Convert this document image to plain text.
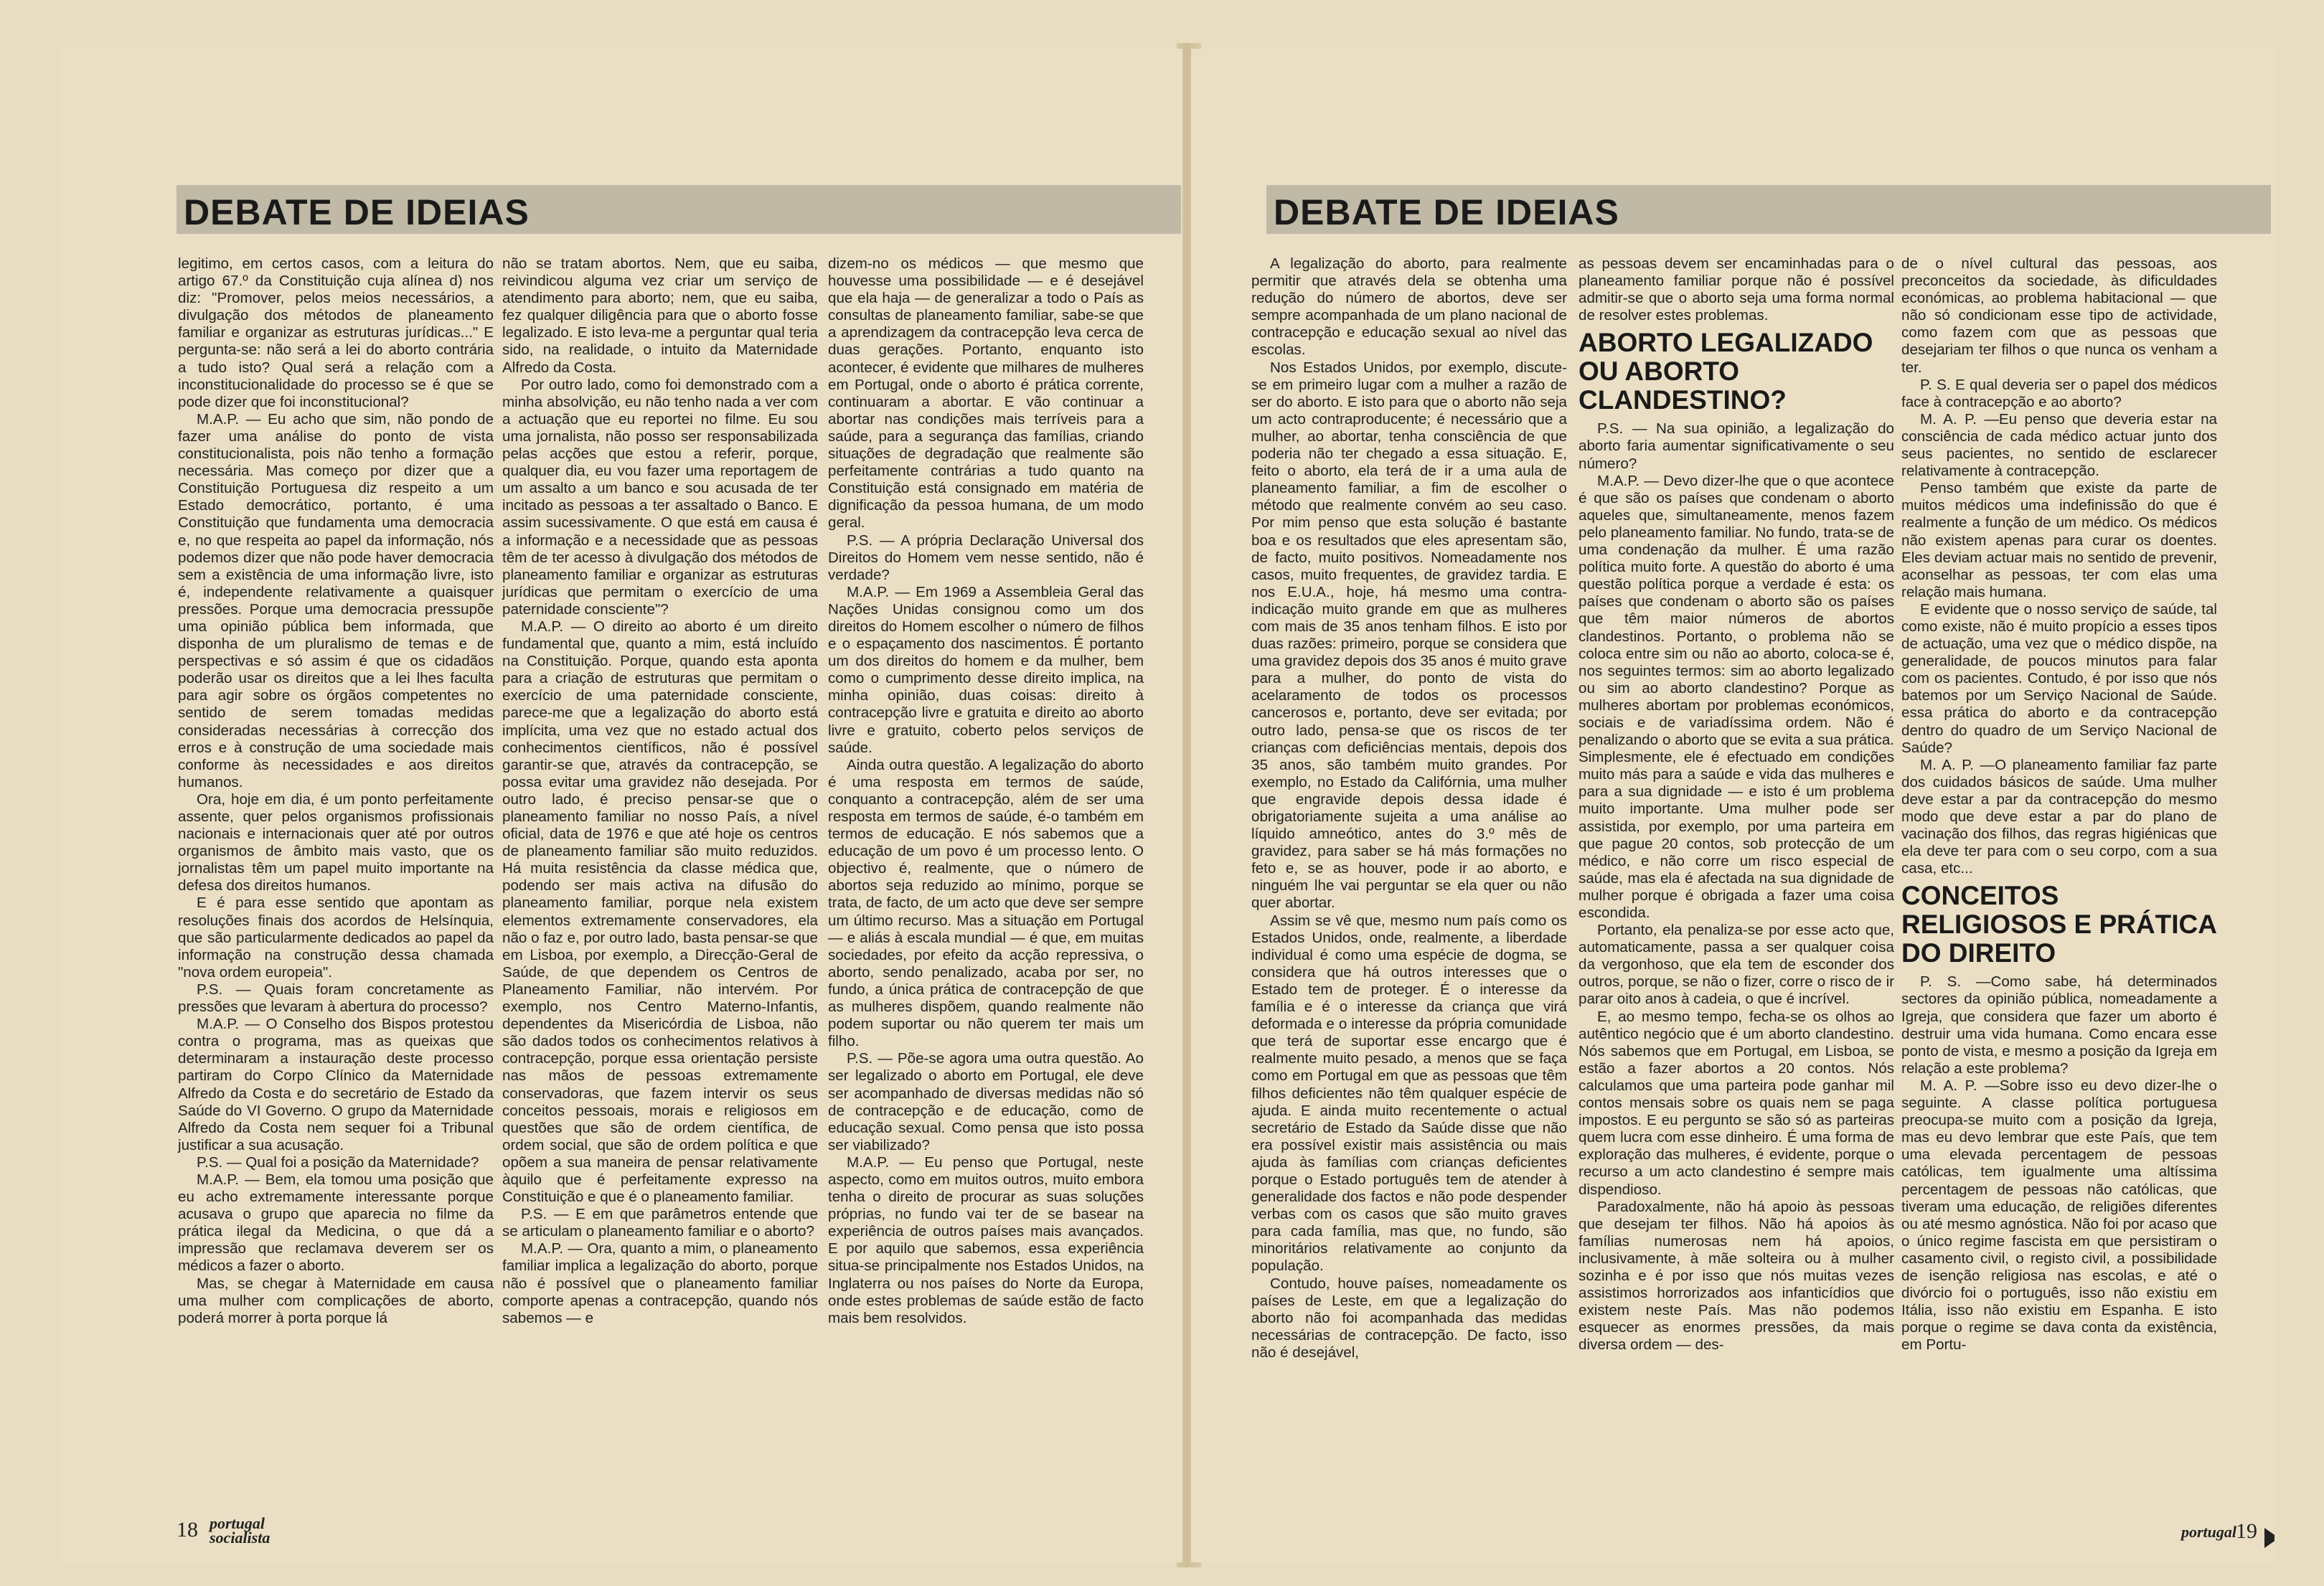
DEBATE DE IDEIAS

legitimo, em certos casos, com a leitura do artigo 67.º da Constituição cuja alínea d) nos diz: "Promover, pelos meios necessários, a divulgação dos métodos de planeamento familiar e organizar as estruturas jurídicas..." E pergunta-se: não será a lei do aborto contrária a tudo isto? Qual será a relação com a inconstitucionalidade do processo se é que se pode dizer que foi inconstitucional?

M.A.P. — Eu acho que sim, não pondo de fazer uma análise do ponto de vista constitucionalista, pois não tenho a formação necessária. Mas começo por dizer que a Constituição Portuguesa diz respeito a um Estado democrático, portanto, é uma Constituição que fundamenta uma democracia e, no que respeita ao papel da informação, nós podemos dizer que não pode haver democracia sem a existência de uma informação livre, isto é, independente relativamente a quaisquer pressões. Porque uma democracia pressupõe uma opinião pública bem informada, que disponha de um pluralismo de temas e de perspectivas e só assim é que os cidadãos poderão usar os direitos que a lei lhes faculta para agir sobre os órgãos competentes no sentido de serem tomadas medidas consideradas necessárias à correcção dos erros e à construção de uma sociedade mais conforme às necessidades e aos direitos humanos.

Ora, hoje em dia, é um ponto perfeitamente assente, quer pelos organismos profissionais nacionais e internacionais quer até por outros organismos de âmbito mais vasto, que os jornalistas têm um papel muito importante na defesa dos direitos humanos.

E é para esse sentido que apontam as resoluções finais dos acordos de Helsínquia, que são particularmente dedicados ao papel da informação na construção dessa chamada "nova ordem europeia".

P.S. — Quais foram concretamente as pressões que levaram à abertura do processo?

M.A.P. — O Conselho dos Bispos protestou contra o programa, mas as queixas que determinaram a instauração deste processo partiram do Corpo Clínico da Maternidade Alfredo da Costa e do secretário de Estado da Saúde do VI Governo. O grupo da Maternidade Alfredo da Costa nem sequer foi a Tribunal justificar a sua acusação.

P.S. — Qual foi a posição da Maternidade?

M.A.P. — Bem, ela tomou uma posição que eu acho extremamente interessante porque acusava o grupo que aparecia no filme da prática ilegal da Medicina, o que dá a impressão que reclamava deverem ser os médicos a fazer o aborto.

Mas, se chegar à Maternidade em causa uma mulher com complicações de aborto, poderá morrer à porta porque lá

não se tratam abortos. Nem, que eu saiba, reivindicou alguma vez criar um serviço de atendimento para aborto; nem, que eu saiba, fez qualquer diligência para que o aborto fosse legalizado. E isto leva-me a perguntar qual teria sido, na realidade, o intuito da Maternidade Alfredo da Costa.

Por outro lado, como foi demonstrado com a minha absolvição, eu não tenho nada a ver com a actuação que eu reportei no filme. Eu sou uma jornalista, não posso ser responsabilizada pelas acções que estou a referir, porque, qualquer dia, eu vou fazer uma reportagem de um assalto a um banco e sou acusada de ter incitado as pessoas a ter assaltado o Banco. E assim sucessivamente. O que está em causa é a informação e a necessidade que as pessoas têm de ter acesso à divulgação dos métodos de planeamento familiar e organizar as estruturas jurídicas que permitam o exercício de uma paternidade consciente"?

M.A.P. — O direito ao aborto é um direito fundamental que, quanto a mim, está incluído na Constituição. Porque, quando esta aponta para a criação de estruturas que permitam o exercício de uma paternidade consciente, parece-me que a legalização do aborto está implícita, uma vez que no estado actual dos conhecimentos científicos, não é possível garantir-se que, através da contracepção, se possa evitar uma gravidez não desejada. Por outro lado, é preciso pensar-se que o planeamento familiar no nosso País, a nível oficial, data de 1976 e que até hoje os centros de planeamento familiar são muito reduzidos. Há muita resistência da classe médica que, podendo ser mais activa na difusão do planeamento familiar, porque nela existem elementos extremamente conservadores, ela não o faz e, por outro lado, basta pensar-se que em Lisboa, por exemplo, a Direcção-Geral de Saúde, de que dependem os Centros de Planeamento Familiar, não intervém. Por exemplo, nos Centro Materno-Infantis, dependentes da Misericórdia de Lisboa, não são dados todos os conhecimentos relativos à contracepção, porque essa orientação persiste nas mãos de pessoas extremamente conservadoras, que fazem intervir os seus conceitos pessoais, morais e religiosos em questões que são de ordem científica, de ordem social, que são de ordem política e que opõem a sua maneira de pensar relativamente àquilo que é perfeitamente expresso na Constituição e que é o planeamento familiar.

P.S. — E em que parâmetros entende que se articulam o planeamento familiar e o aborto?

M.A.P. — Ora, quanto a mim, o planeamento familiar implica a legalização do aborto, porque não é possível que o planeamento familiar comporte apenas a contracepção, quando nós sabemos — e

dizem-no os médicos — que mesmo que houvesse uma possibilidade — e é desejável que ela haja — de generalizar a todo o País as consultas de planeamento familiar, sabe-se que a aprendizagem da contracepção leva cerca de duas gerações. Portanto, enquanto isto acontecer, é evidente que milhares de mulheres em Portugal, onde o aborto é prática corrente, continuaram a abortar. E vão continuar a abortar nas condições mais terríveis para a saúde, para a segurança das famílias, criando situações de degradação que realmente são perfeitamente contrárias a tudo quanto na Constituição está consignado em matéria de dignificação da pessoa humana, de um modo geral.

P.S. — A própria Declaração Universal dos Direitos do Homem vem nesse sentido, não é verdade?

M.A.P. — Em 1969 a Assembleia Geral das Nações Unidas consignou como um dos direitos do Homem escolher o número de filhos e o espaçamento dos nascimentos. É portanto um dos direitos do homem e da mulher, bem como o cumprimento desse direito implica, na minha opinião, duas coisas: direito à contracepção livre e gratuita e direito ao aborto livre e gratuito, coberto pelos serviços de saúde.

Ainda outra questão. A legalização do aborto é uma resposta em termos de saúde, conquanto a contracepção, além de ser uma resposta em termos de saúde, é-o também em termos de educação. E nós sabemos que a educação de um povo é um processo lento. O objectivo é, realmente, que o número de abortos seja reduzido ao mínimo, porque se trata, de facto, de um acto que deve ser sempre um último recurso. Mas a situação em Portugal — e aliás à escala mundial — é que, em muitas sociedades, por efeito da acção repressiva, o aborto, sendo penalizado, acaba por ser, no fundo, a única prática de contracepção de que as mulheres dispõem, quando realmente não podem suportar ou não querem ter mais um filho.

P.S. — Põe-se agora uma outra questão. Ao ser legalizado o aborto em Portugal, ele deve ser acompanhado de diversas medidas não só de contracepção e de educação, como de educação sexual. Como pensa que isto possa ser viabilizado?

M.A.P. — Eu penso que Portugal, neste aspecto, como em muitos outros, muito embora tenha o direito de procurar as suas soluções próprias, no fundo vai ter de se basear na experiência de outros países mais avançados. E por aquilo que sabemos, essa experiência situa-se principalmente nos Estados Unidos, na Inglaterra ou nos países do Norte da Europa, onde estes problemas de saúde estão de facto mais bem resolvidos.

18 portugal
socialista
DEBATE DE IDEIAS

A legalização do aborto, para realmente permitir que através dela se obtenha uma redução do número de abortos, deve ser sempre acompanhada de um plano nacional de contracepção e educação sexual ao nível das escolas.

Nos Estados Unidos, por exemplo, discute-se em primeiro lugar com a mulher a razão de ser do aborto. E isto para que o aborto não seja um acto contraproducente; é necessário que a mulher, ao abortar, tenha consciência de que poderia não ter chegado a essa situação. E, feito o aborto, ela terá de ir a uma aula de planeamento familiar, a fim de escolher o método que realmente convém ao seu caso. Por mim penso que esta solução é bastante boa e os resultados que eles apresentam são, de facto, muito positivos. Nomeadamente nos casos, muito frequentes, de gravidez tardia. E nos E.U.A., hoje, há mesmo uma contra-indicação muito grande em que as mulheres com mais de 35 anos tenham filhos. E isto por duas razões: primeiro, porque se considera que uma gravidez depois dos 35 anos é muito grave para a mulher, do ponto de vista do acelaramento de todos os processos cancerosos e, portanto, deve ser evitada; por outro lado, pensa-se que os riscos de ter crianças com deficiências mentais, depois dos 35 anos, são também muito grandes. Por exemplo, no Estado da Califórnia, uma mulher que engravide depois dessa idade é obrigatoriamente sujeita a uma análise ao líquido amneótico, antes do 3.º mês de gravidez, para saber se há más formações no feto e, se as houver, pode ir ao aborto, e ninguém lhe vai perguntar se ela quer ou não quer abortar.

Assim se vê que, mesmo num país como os Estados Unidos, onde, realmente, a liberdade individual é como uma espécie de dogma, se considera que há outros interesses que o Estado tem de proteger. É o interesse da família e é o interesse da criança que virá deformada e o interesse da própria comunidade que terá de suportar esse encargo que é realmente muito pesado, a menos que se faça como em Portugal em que as pessoas que têm filhos deficientes não têm qualquer espécie de ajuda. E ainda muito recentemente o actual secretário de Estado da Saúde disse que não era possível existir mais assistência ou mais ajuda às famílias com crianças deficientes porque o Estado português tem de atender à generalidade dos factos e não pode despender verbas com os casos que são muito graves para cada família, mas que, no fundo, são minoritários relativamente ao conjunto da população.

Contudo, houve países, nomeadamente os países de Leste, em que a legalização do aborto não foi acompanhada das medidas necessárias de contracepção. De facto, isso não é desejável,

as pessoas devem ser encaminhadas para o planeamento familiar porque não é possível admitir-se que o aborto seja uma forma normal de resolver estes problemas.

ABORTO LEGALIZADO OU ABORTO CLANDESTINO?

P.S. — Na sua opinião, a legalização do aborto faria aumentar significativamente o seu número?

M.A.P. — Devo dizer-lhe que o que acontece é que são os países que condenam o aborto aqueles que, simultaneamente, menos fazem pelo planeamento familiar. No fundo, trata-se de uma condenação da mulher. É uma razão política muito forte. A questão do aborto é uma questão política porque a verdade é esta: os países que condenam o aborto são os países que têm maior números de abortos clandestinos. Portanto, o problema não se coloca entre sim ou não ao aborto, coloca-se é, nos seguintes termos: sim ao aborto legalizado ou sim ao aborto clandestino? Porque as mulheres abortam por problemas económicos, sociais e de variadíssima ordem. Não é penalizando o aborto que se evita a sua prática. Simplesmente, ele é efectuado em condições muito más para a saúde e vida das mulheres e para a sua dignidade — e isto é um problema muito importante. Uma mulher pode ser assistida, por exemplo, por uma parteira em que pague 20 contos, sob protecção de um médico, e não corre um risco especial de saúde, mas ela é afectada na sua dignidade de mulher porque é obrigada a fazer uma coisa escondida.

Portanto, ela penaliza-se por esse acto que, automaticamente, passa a ser qualquer coisa da vergonhoso, que ela tem de esconder dos outros, porque, se não o fizer, corre o risco de ir parar oito anos à cadeia, o que é incrível.

E, ao mesmo tempo, fecha-se os olhos ao autêntico negócio que é um aborto clandestino. Nós sabemos que em Portugal, em Lisboa, se estão a fazer abortos a 20 contos. Nós calculamos que uma parteira pode ganhar mil contos mensais sobre os quais nem se paga impostos. E eu pergunto se são só as parteiras quem lucra com esse dinheiro. É uma forma de exploração das mulheres, é evidente, porque o recurso a um acto clandestino é sempre mais dispendioso.

Paradoxalmente, não há apoio às pessoas que desejam ter filhos. Não há apoios às famílias numerosas nem há apoios, inclusivamente, à mãe solteira ou à mulher sozinha e é por isso que nós muitas vezes assistimos horrorizados aos infanticídios que existem neste País. Mas não podemos esquecer as enormes pressões, da mais diversa ordem — des-

de o nível cultural das pessoas, aos preconceitos da sociedade, às dificuldades económicas, ao problema habitacional — que não só condicionam esse tipo de actividade, como fazem com que as pessoas que desejariam ter filhos o que nunca os venham a ter.

P. S. E qual deveria ser o papel dos médicos face à contracepção e ao aborto?

M. A. P. —Eu penso que deveria estar na consciência de cada médico actuar junto dos seus pacientes, no sentido de esclarecer relativamente à contracepção.

Penso também que existe da parte de muitos médicos uma indefinissão do que é realmente a função de um médico. Os médicos não existem apenas para curar os doentes. Eles deviam actuar mais no sentido de prevenir, aconselhar as pessoas, ter com elas uma relação mais humana.

E evidente que o nosso serviço de saúde, tal como existe, não é muito propício a esses tipos de actuação, uma vez que o médico dispõe, na generalidade, de poucos minutos para falar com os pacientes. Contudo, é por isso que nós batemos por um Serviço Nacional de Saúde. essa prática do aborto e da contracepção dentro do quadro de um Serviço Nacional de Saúde?

M. A. P. —O planeamento familiar faz parte dos cuidados básicos de saúde. Uma mulher deve estar a par da contracepção do mesmo modo que deve estar a par do plano de vacinação dos filhos, das regras higiénicas que ela deve ter para com o seu corpo, com a sua casa, etc...

CONCEITOS RELIGIOSOS E PRÁTICA DO DIREITO

P. S. —Como sabe, há determinados sectores da opinião pública, nomeadamente a Igreja, que considera que fazer um aborto é destruir uma vida humana. Como encara esse ponto de vista, e mesmo a posição da Igreja em relação a este problema?

M. A. P. —Sobre isso eu devo dizer-lhe o seguinte. A classe política portuguesa preocupa-se muito com a posição da Igreja, mas eu devo lembrar que este País, que tem uma elevada percentagem de pessoas católicas, tem igualmente uma altíssima percentagem de pessoas não católicas, que tiveram uma educação, de religiões diferentes ou até mesmo agnóstica. Não foi por acaso que o único regime fascista em que persistiram o casamento civil, o registo civil, a possibilidade de isenção religiosa nas escolas, e até o divórcio foi o português, isso não existiu em Itália, isso não existiu em Espanha. E isto porque o regime se dava conta da existência, em Portu-

portugal
19
